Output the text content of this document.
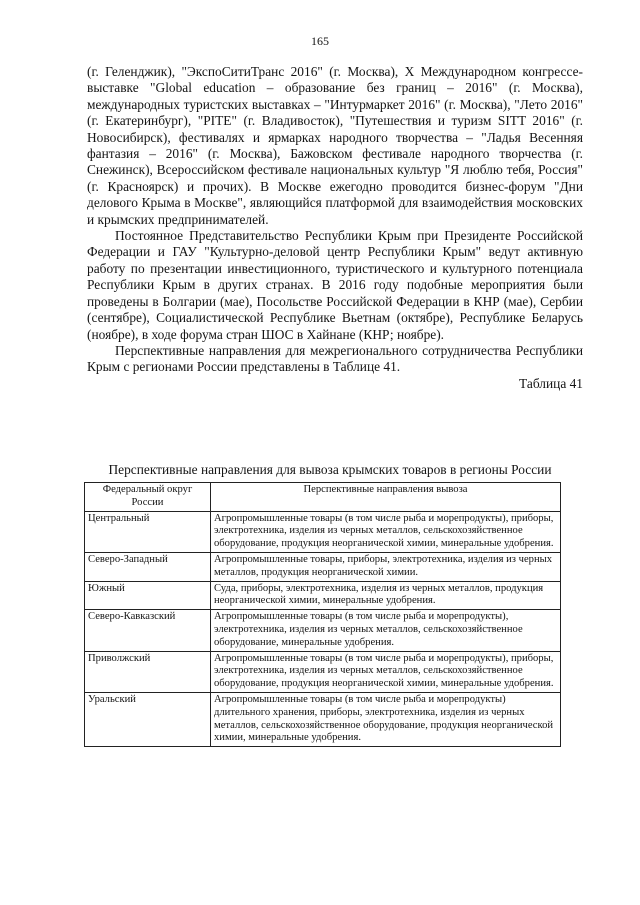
165

(г. Геленджик), "ЭкспоСитиТранс 2016" (г. Москва), X Международном конгрессе-выставке "Global education – образование без границ – 2016" (г. Москва), международных туристских выставках – "Интурмаркет 2016" (г. Москва), "Лето 2016" (г. Екатеринбург), "PITE" (г. Владивосток), "Путешествия и туризм SITT 2016" (г. Новосибирск), фестивалях и ярмарках народного творчества – "Ладья Весенняя фантазия – 2016" (г. Москва), Бажовском фестивале народного творчества (г. Снежинск), Всероссийском фестивале национальных культур "Я люблю тебя, Россия" (г. Красноярск) и прочих). В Москве ежегодно проводится бизнес-форум "Дни делового Крыма в Москве", являющийся платформой для взаимодействия московских и крымских предпринимателей.

Постоянное Представительство Республики Крым при Президенте Российской Федерации и ГАУ "Культурно-деловой центр Республики Крым" ведут активную работу по презентации инвестиционного, туристического и культурного потенциала Республики Крым в других странах. В 2016 году подобные мероприятия были проведены в Болгарии (мае), Посольстве Российской Федерации в КНР (мае), Сербии (сентябре), Социалистической Республике Вьетнам (октябре), Республике Беларусь (ноябре), в ходе форума стран ШОС в Хайнане (КНР; ноябре).

Перспективные направления для межрегионального сотрудничества Республики Крым с регионами России представлены в Таблице 41.

Таблица 41

Перспективные направления для вывоза крымских товаров в регионы России
Федеральный округ России	Перспективные направления вывоза
Центральный	Агропромышленные товары (в том числе рыба и морепродукты), приборы, электротехника, изделия из черных металлов, сельскохозяйственное оборудование, продукция неорганической химии, минеральные удобрения.
Северо-Западный	Агропромышленные товары, приборы, электротехника, изделия из черных металлов, продукция неорганической химии.
Южный	Суда, приборы, электротехника, изделия из черных металлов, продукция неорганической химии, минеральные удобрения.
Северо-Кавказский	Агропромышленные товары (в том числе рыба и морепродукты), электротехника, изделия из черных металлов, сельскохозяйственное оборудование, минеральные удобрения.
Приволжский	Агропромышленные товары (в том числе рыба и морепродукты), приборы, электротехника, изделия из черных металлов, сельскохозяйственное оборудование, продукция неорганической химии, минеральные удобрения.
Уральский	Агропромышленные товары (в том числе рыба и морепродукты) длительного хранения, приборы, электротехника, изделия из черных металлов, сельскохозяйственное оборудование, продукция неорганической химии, минеральные удобрения.
